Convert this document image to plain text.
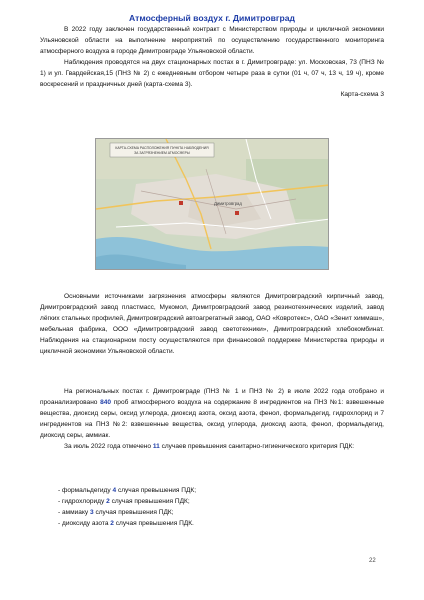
Атмосферный воздух г. Димитровград

В 2022 году заключен государственный контракт с Министерством природы и цикличной экономики Ульяновской области на выполнение мероприятий по осуществлению государственного мониторинга атмосферного воздуха в городе Димитровграде Ульяновской области.

Наблюдения проводятся на двух стационарных постах в г. Димитровграде: ул. Московская, 73 (ПНЗ № 1) и ул. Гвардейская,15 (ПНЗ № 2) с ежедневным отбором четыре раза в сутки (01 ч, 07 ч, 13 ч, 19 ч), кроме воскресений и праздничных дней (карта-схема 3).

Карта-схема 3

КАРТА-СХЕМА РАСПОЛОЖЕНИЯ ПУНКТА НАБЛЮДЕНИЯ
ЗА ЗАГРЯЗНЕНИЕМ АТМОСФЕРЫ
Димитровград

Основными источниками загрязнения атмосферы являются Димитровградский кирпичный завод, Димитровградский завод пластмасс, Мукомол, Димитровградский завод резинотехнических изделий, завод лёгких стальных профилей, Димитровградский автоагрегатный завод, ОАО «Ковротекс», ОАО «Зенит химмаш», мебельная фабрика, ООО «Димитровградский завод светотехники», Димитровградский хлебокомбинат. Наблюдения на стационарном посту осуществляются при финансовой поддержке Министерства природы и цикличной экономики Ульяновской области.

На региональных постах г. Димитровграде (ПНЗ № 1 и ПНЗ № 2) в июле 2022 года отобрано и проанализировано 840 проб атмосферного воздуха на содержание 8 ингредиентов на ПНЗ №1: взвешенные вещества, диоксид серы, оксид углерода, диоксид азота, оксид азота, фенол, формальдегид, гидрохлорид и 7 ингредиентов на ПНЗ №2: взвешенные вещества, оксид углерода, диоксид азота, фенол, формальдегид, диоксид серы, аммиак.

За июль 2022 года отмечено 11 случаев превышения санитарно-гигиенического критерия ПДК:

- формальдегиду 4 случая превышения ПДК;
- гидрохлориду 2 случая превышения ПДК;
- аммиаку 3 случая превышения ПДК;
- диоксиду азота 2 случая превышения ПДК.
22
